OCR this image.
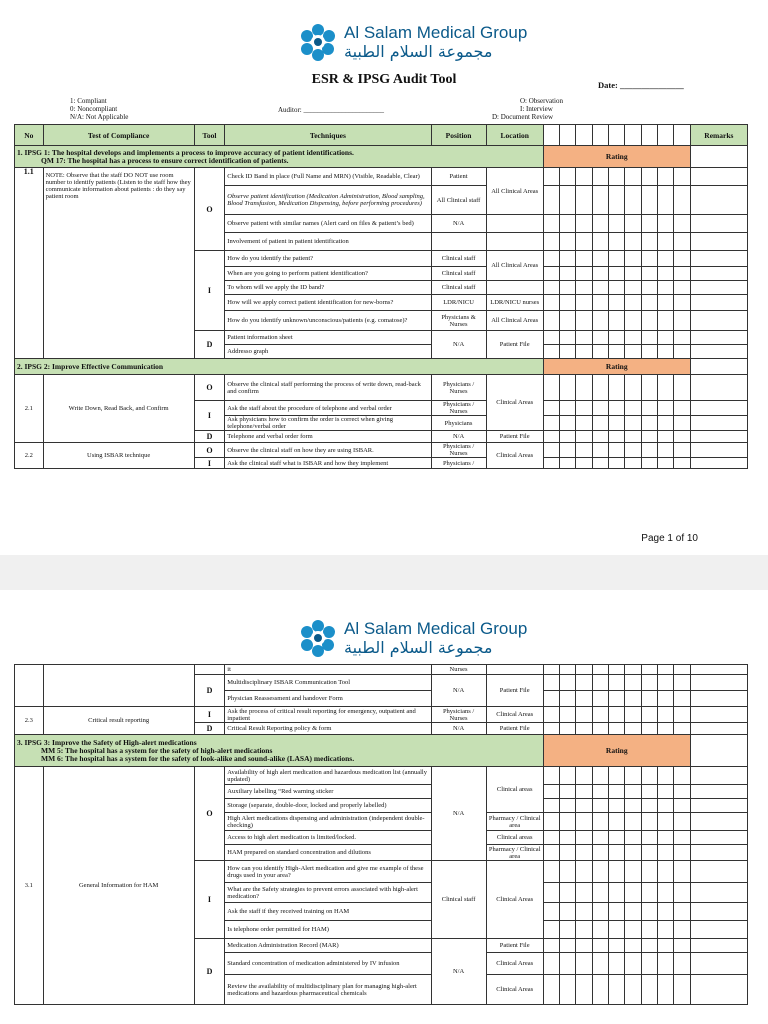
Al Salam Medical Group
مجموعة السلام الطبية
ESR & IPSG Audit Tool	Date: _______________
1: Compliant
0: Noncompliant
N/A: Not Applicable
Auditor: _______________________
O: Observation
I: Interview
D: Document Review
No	Test of Compliance	Tool	Techniques	Position	Location										Remarks

1. IPSG 1: The hospital develops and implements a process to improve accuracy of patient identifications.
QM 17: The hospital has a process to ensure correct identification of patients.						Rating									
1.1	NOTE: Observe that the staff DO NOT use room number to identify patients (Listen to the staff how they communicate information about patients : do they say patient room	O	Check ID Band in place (Full Name and MRN) (Visible, Readable, Clear)	Patient	All Clinical Areas										
			Observe patient identification (Medication Administration, Blood sampling, Blood Transfusion, Medication Dispensing, before performing procedures)	All Clinical staff											
			Observe patient with similar names (Alert card on files & patient’s bed)	N/A											
			Involvement of patient in patient identification												
		I	How do you identify the patient?	Clinical staff	All Clinical Areas										
			When are you going to perform patient identification?	Clinical staff											
			To whom will we apply the ID band?	Clinical staff											
			How will we apply correct patient identification for new-borns?	LDR/NICU	LDR/NICU nurses										
			How do you identify unknown/unconscious/patients (e.g. comatose)?	Physicians & Nurses	All Clinical Areas										
		D	Patient information sheet	N/A	Patient File										
			Addresso graph												
2. IPSG 2: Improve Effective Communication						Rating									
2.1	Write Down, Read Back, and Confirm	O	Observe the clinical staff performing the process of write down, read-back and confirm	Physicians / Nurses	Clinical Areas										
		I	Ask the staff about the procedure of telephone and verbal order	Physicians / Nurses											
			Ask physicians how to confirm the order is correct when giving telephone/verbal order	Physicians											
		D	Telephone and verbal order form	N/A	Patient File										
2.2	Using ISBAR technique	O	Observe the clinical staff on how they are using ISBAR.	Physicians / Nurses	Clinical Areas										
		I	Ask the clinical staff what is ISBAR and how they implement	Physicians /											
Page 1 of 10
Al Salam Medical Group
مجموعة السلام الطبية
			it	Nurses											
		D	Multidisciplinary ISBAR Communication Tool	N/A	Patient File										
			Physician Reassessment and handover Form												
2.3	Critical result reporting	I	Ask the process of critical result reporting for emergency, outpatient and inpatient	Physicians / Nurses	Clinical Areas										
		D	Critical Result Reporting policy & form	N/A	Patient File										

3. IPSG 3: Improve the Safety of High-alert medications
MM 5: The hospital has a system for the safety of high-alert medications
MM 6: The hospital has a system for the safety of look-alike and sound-alike (LASA) medications.						Rating									
3.1	General Information for HAM	O	Availability of high alert medication and hazardous medication list (annually updated)	N/A	Clinical areas										
			Auxiliary labelling “Red warning sticker												
			Storage (separate, double-door, locked and properly labelled)												
			High Alert medications dispensing and administration (independent double-checking)		Pharmacy / Clinical area										
			Access to high alert medication is limited/locked.		Clinical areas										
			HAM prepared on standard concentration and dilutions		Pharmacy / Clinical area										
		I	How can you identify High-Alert medication and give me example of these drugs used in your area?	Clinical staff	Clinical Areas										
			What are the Safety strategies to prevent errors associated with high-alert medication?												
			Ask the staff if they received training on HAM												
			Is telephone order permitted for HAM)												
		D	Medication Administration Record (MAR)	N/A	Patient File										
			Standard concentration of medication administered by IV infusion		Clinical Areas										
			Review the availability of multidisciplinary plan for managing high-alert medications and hazardous pharmaceutical chemicals		Clinical Areas										
